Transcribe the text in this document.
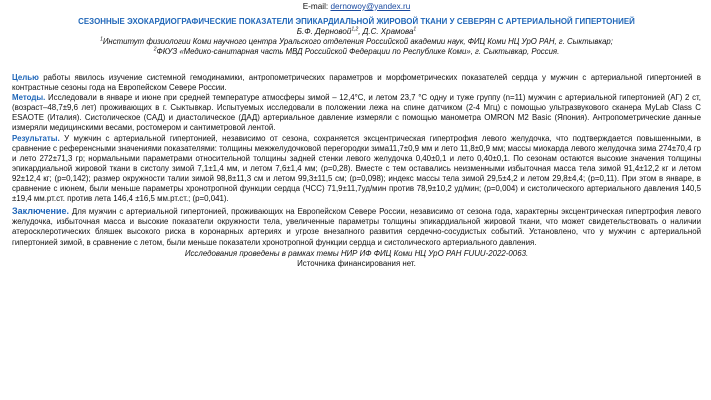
E-mail: dernowoy@yandex.ru
СЕЗОННЫЕ ЭХОКАРДИОГРАФИЧЕСКИЕ ПОКАЗАТЕЛИ ЭПИКАРДИАЛЬНОЙ ЖИРОВОЙ ТКАНИ У СЕВЕРЯН С АРТЕРИАЛЬНОЙ ГИПЕРТОНИЕЙ
Б.Ф. Дерновой$^{1,2}$, Д.С. Храмова$^1$
$^1$Институт физиологии Коми научного центра Уральского отделения Российской академии наук, ФИЦ Коми НЦ УрО РАН, г. Сыктывкар;
$^2$ФКУЗ «Медико-санитарная часть МВД Российской Федерации по Республике Коми», г. Сыктывкар, Россия.

Целью работы явилось изучение системной гемодинамики, антропометрических параметров и морфометрических показателей сердца у мужчин с артериальной гипертонией в контрастные сезоны года на Европейском Севере России.

Методы. Исследовали в январе и июне при средней температуре атмосферы зимой – 12,4°С, и летом 23,7 °С одну и туже группу (n=11) мужчин с артериальной гипертонией (АГ) 2 ст, (возраст–48,7±9,6 лет) проживающих в г. Сыктывкар. Испытуемых исследовали в положении лежа на спине датчиком (2-4 Мгц) с помощью ультразвукового сканера MyLab Class C ESAOTE (Италия). Систолическое (САД) и диастолическое (ДАД) артериальное давление измеряли с помощью манометра OMRON M2 Basic (Япония). Антропометрические данные измеряли медицинскими весами, ростомером и сантиметровой лентой.

Результаты. У мужчин с артериальной гипертонией, независимо от сезона, сохраняется эксцентрическая гипертрофия левого желудочка, что подтверждается повышенными, в сравнение с референсными значениями показателями: толщины межжелудочковой перегородки зима11,7±0,9 мм и лето 11,8±0,9 мм; массы миокарда левого желудочка зима 274±70,4 гр и лето 272±71,3 гр; нормальными параметрами относительной толщины задней стенки левого желудочка 0,40±0,1 и лето 0,40±0,1. По сезонам остаются высокие значения толщины эпикардиальной жировой ткани в систолу зимой 7,1±1,4 мм, и летом 7,6±1,4 мм; (p=0,28). Вместе с тем оставались неизменными избыточная масса тела зимой 91,4±12,2 кг и летом 92±12,4 кг; (p=0,142); размер окружности талии зимой 98,8±11,3 см и летом 99,3±11,5 см; (p=0,098); индекс массы тела зимой 29,5±4,2 и летом 29,8±4,4; (p=0,11). При этом в январе, в сравнение с июнем, были меньше параметры хронотропной функции сердца (ЧСС) 71,9±11,7уд/мин против 78,9±10,2 уд/мин; (p=0,004) и систолического артериального давления 140,5 ±19,4 мм.рт.ст. против лета 146,4 ±16,5 мм.рт.ст.; (p=0,041).

Заключение. Для мужчин с артериальной гипертонией, проживающих на Европейском Севере России, независимо от сезона года, характерны эксцентрическая гипертрофия левого желудочка, избыточная масса и высокие показатели окружности тела, увеличенные параметры толщины эпикардиальной жировой ткани, что может свидетельствовать о наличии атеросклеротических бляшек высокого риска в коронарных артериях и угрозе внезапного развития сердечно-сосудистых событий. Установлено, что у мужчин с артериальной гипертонией зимой, в сравнение с летом, были меньше показатели хронотропной функции сердца и систолического артериального давления.

Исследования проведены в рамках темы НИР ИФ ФИЦ Коми НЦ УрО РАН FUUU-2022-0063.
Источника финансирования нет.
